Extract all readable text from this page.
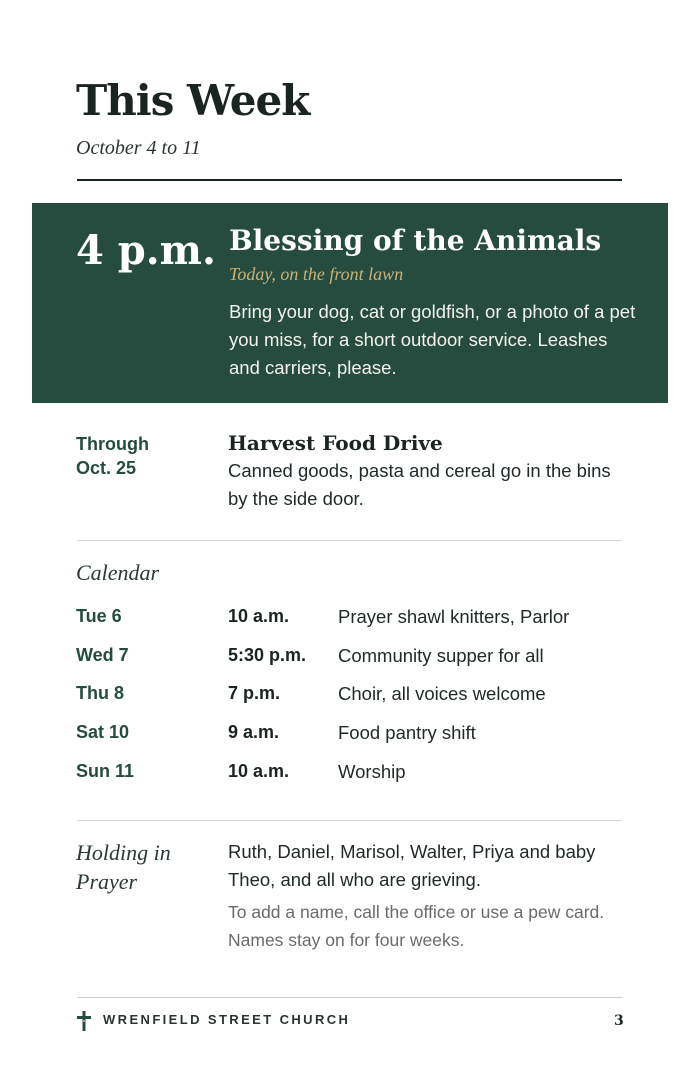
This Week
October 4 to 11
4 p.m. Blessing of the Animals
Today, on the front lawn
Bring your dog, cat or goldfish, or a photo of a pet you miss, for a short outdoor service. Leashes and carriers, please.
Through
Oct. 25
Harvest Food Drive
Canned goods, pasta and cereal go in the bins by the side door.
Calendar
Tue 6	10 a.m.	Prayer shawl knitters, Parlor
Wed 7	5:30 p.m. Community supper for all
Thu 8	7 p.m.	Choir, all voices welcome
Sat 10	9 a.m.	Food pantry shift
Sun 11	10 a.m.	Worship
Holding in
Prayer
Ruth, Daniel, Marisol, Walter, Priya and baby Theo, and all who are grieving.
To add a name, call the office or use a pew card. Names stay on for four weeks.
WRENFIELD STREET CHURCH	3
